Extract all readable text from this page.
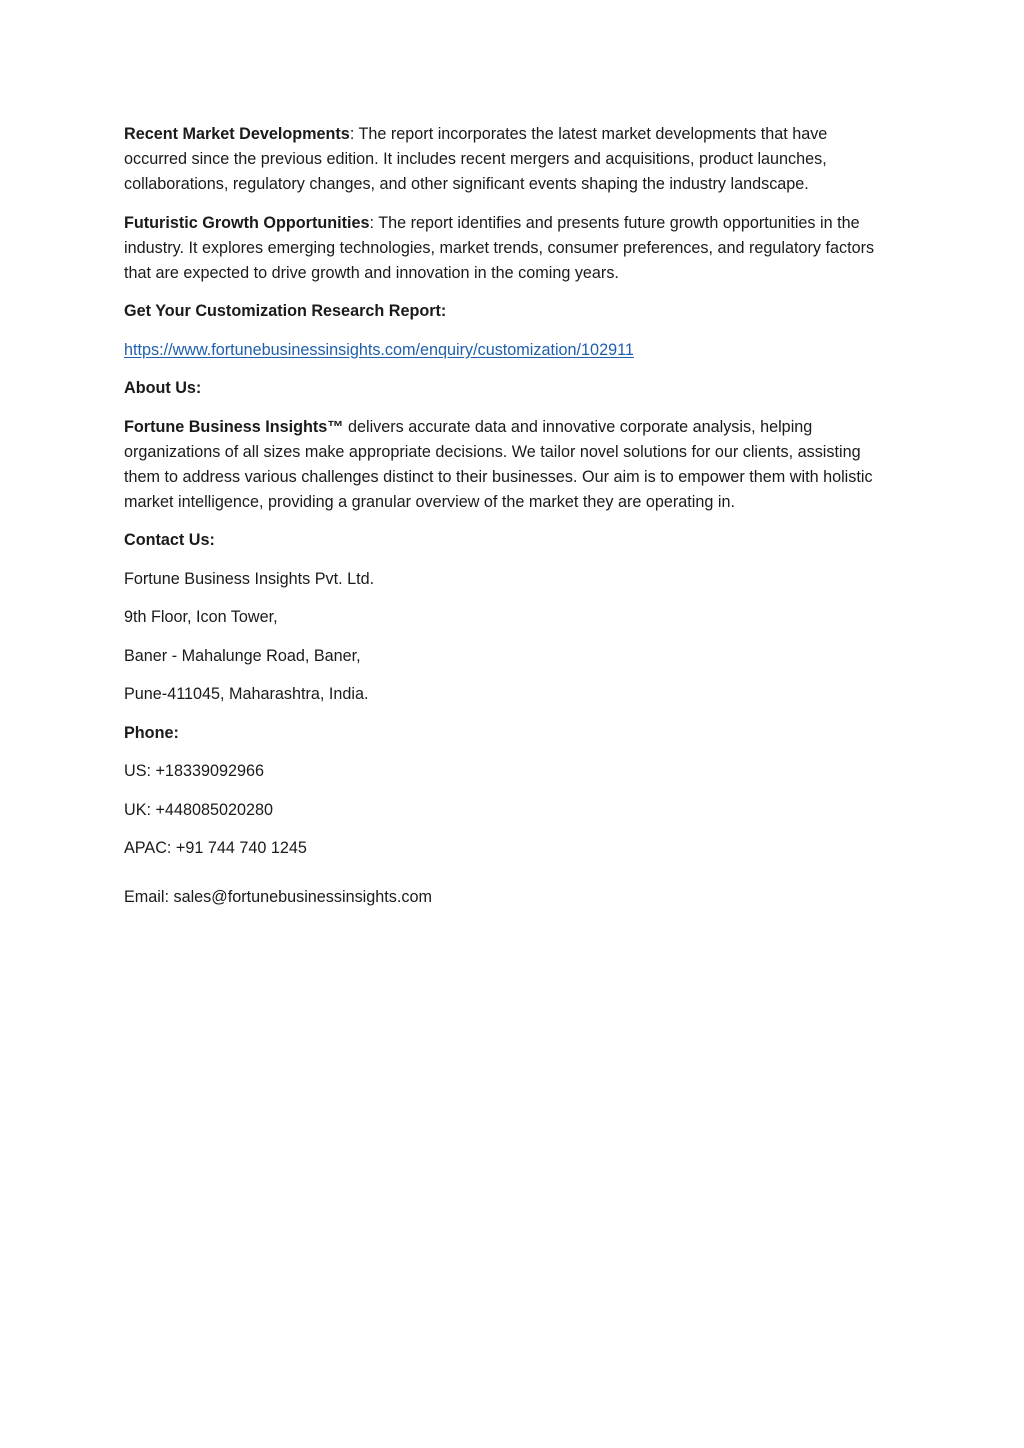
Recent Market Developments: The report incorporates the latest market developments that have occurred since the previous edition. It includes recent mergers and acquisitions, product launches, collaborations, regulatory changes, and other significant events shaping the industry landscape.

Futuristic Growth Opportunities: The report identifies and presents future growth opportunities in the industry. It explores emerging technologies, market trends, consumer preferences, and regulatory factors that are expected to drive growth and innovation in the coming years.

Get Your Customization Research Report:

https://www.fortunebusinessinsights.com/enquiry/customization/102911

About Us:

Fortune Business Insights™ delivers accurate data and innovative corporate analysis, helping organizations of all sizes make appropriate decisions. We tailor novel solutions for our clients, assisting them to address various challenges distinct to their businesses. Our aim is to empower them with holistic market intelligence, providing a granular overview of the market they are operating in.

Contact Us:

Fortune Business Insights Pvt. Ltd.

9th Floor, Icon Tower,

Baner - Mahalunge Road, Baner,

Pune-411045, Maharashtra, India.

Phone:

US: +18339092966

UK: +448085020280

APAC: +91 744 740 1245

Email: sales@fortunebusinessinsights.com
